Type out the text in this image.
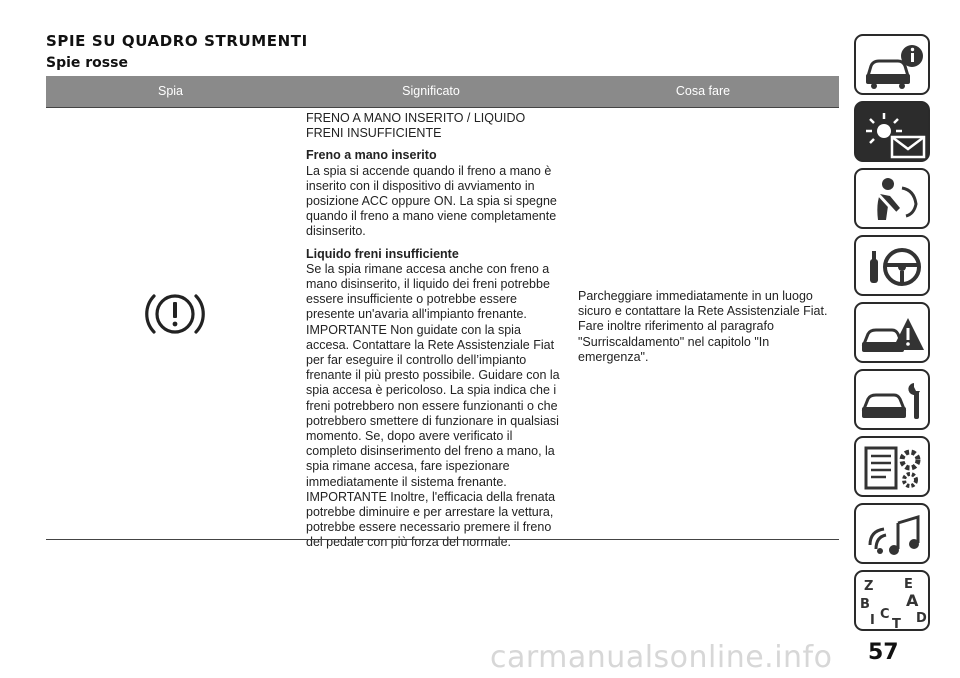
SPIE SU QUADRO STRUMENTI
Spie rosse
Spia	Significato	Cosa fare

FRENO A MANO INSERITO / LIQUIDO FRENI INSUFFICIENTE

Freno a mano inserito
La spia si accende quando il freno a mano è inserito con il dispositivo di avviamento in posizione ACC oppure ON. La spia si spegne quando il freno a mano viene completamente disinserito.

Liquido freni insufficiente
Se la spia rimane accesa anche con freno a mano disinserito, il liquido dei freni potrebbe essere insufficiente o potrebbe essere presente un'avaria all'impianto frenante. IMPORTANTE Non guidate con la spia accesa. Contattare la Rete Assistenziale Fiat per far eseguire il controllo dell’impianto frenante il più presto possibile. Guidare con la spia accesa è pericoloso. La spia indica che i freni potrebbero non essere funzionanti o che potrebbero smettere di funzionare in qualsiasi momento. Se, dopo avere verificato il completo disinserimento del freno a mano, la spia rimane accesa, fare ispezionare immediatamente il sistema frenante. IMPORTANTE Inoltre, l'efficacia della frenata potrebbe diminuire e per arrestare la vettura, potrebbe essere necessario premere il freno del pedale con più forza del normale.

Parcheggiare immediatamente in un luogo sicuro e contattare la Rete Assistenziale Fiat. Fare inoltre riferimento al paragrafo "Surriscaldamento" nel capitolo "In emergenza".
Z E
B A
I C
T D
carmanualsonline.info 57
